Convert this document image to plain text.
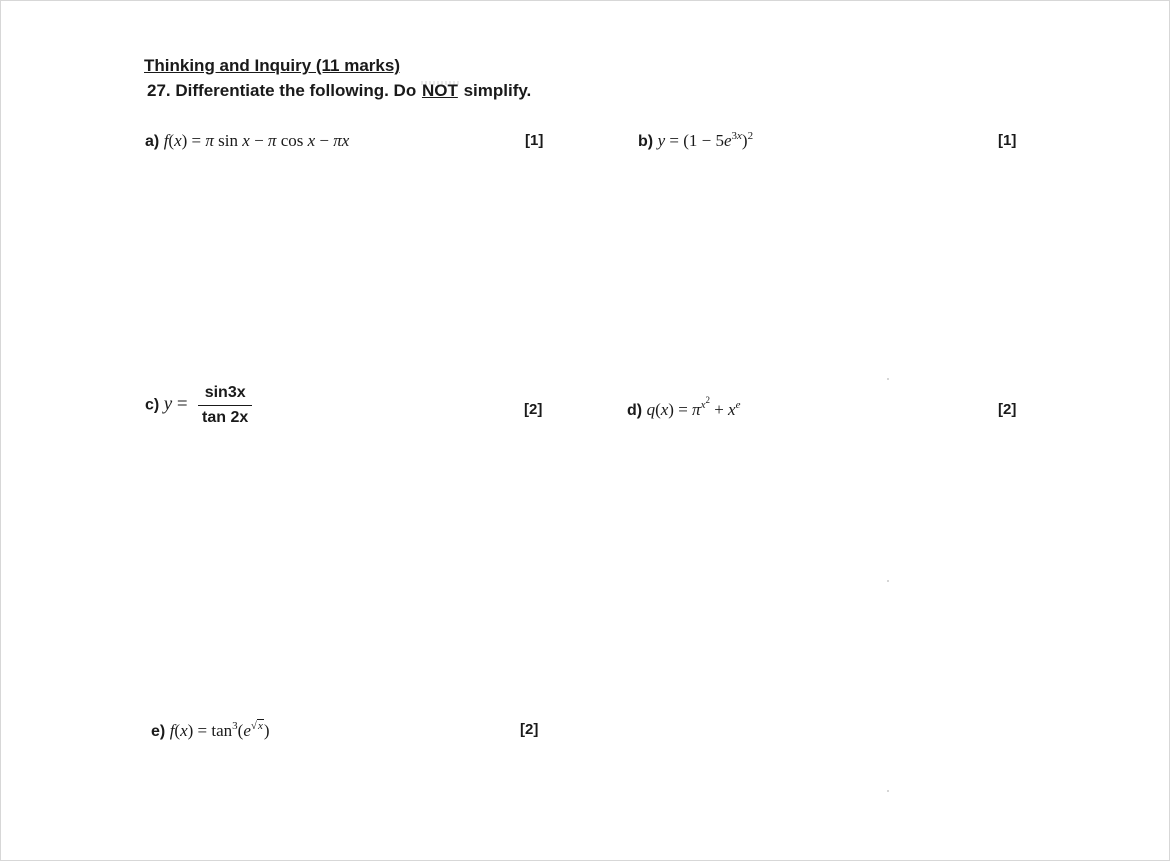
Thinking and Inquiry (11 marks)
27. Differentiate the following. Do NOT simplify.
a) f(x) = π sin x − π cos x − πx	[1]	b) $y = (1 - 5e^{3x})^2$	[1]
c) $y = \frac{\sin 3x}{\tan 2x}$	[2]	d) $q(x) = \pi^{x^2} + x^e$	[2]
e) $f(x) = \tan^3(e^{√x})$	[2]
